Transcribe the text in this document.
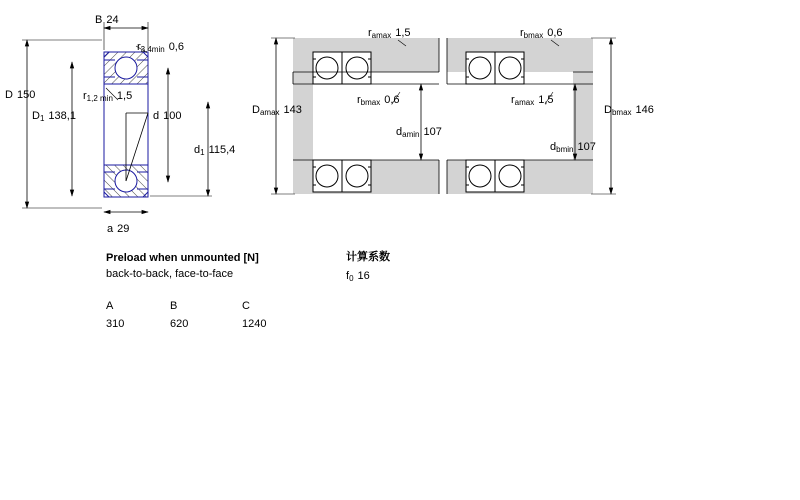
B 24
r3,4min 0,6
D 150	r1,2 min 1,5
D1 138,1	d 100
d1 115,4
a 29
ramax 1,5	rbmax 0,6
Damax 143
rbmax 0,6	ramax 1,5
Dbmax 146
damin 107
dbmin 107
Preload when unmounted [N]
back-to-back, face-to-face
A	B	C
310	620	1240
计算系数
f0 16
